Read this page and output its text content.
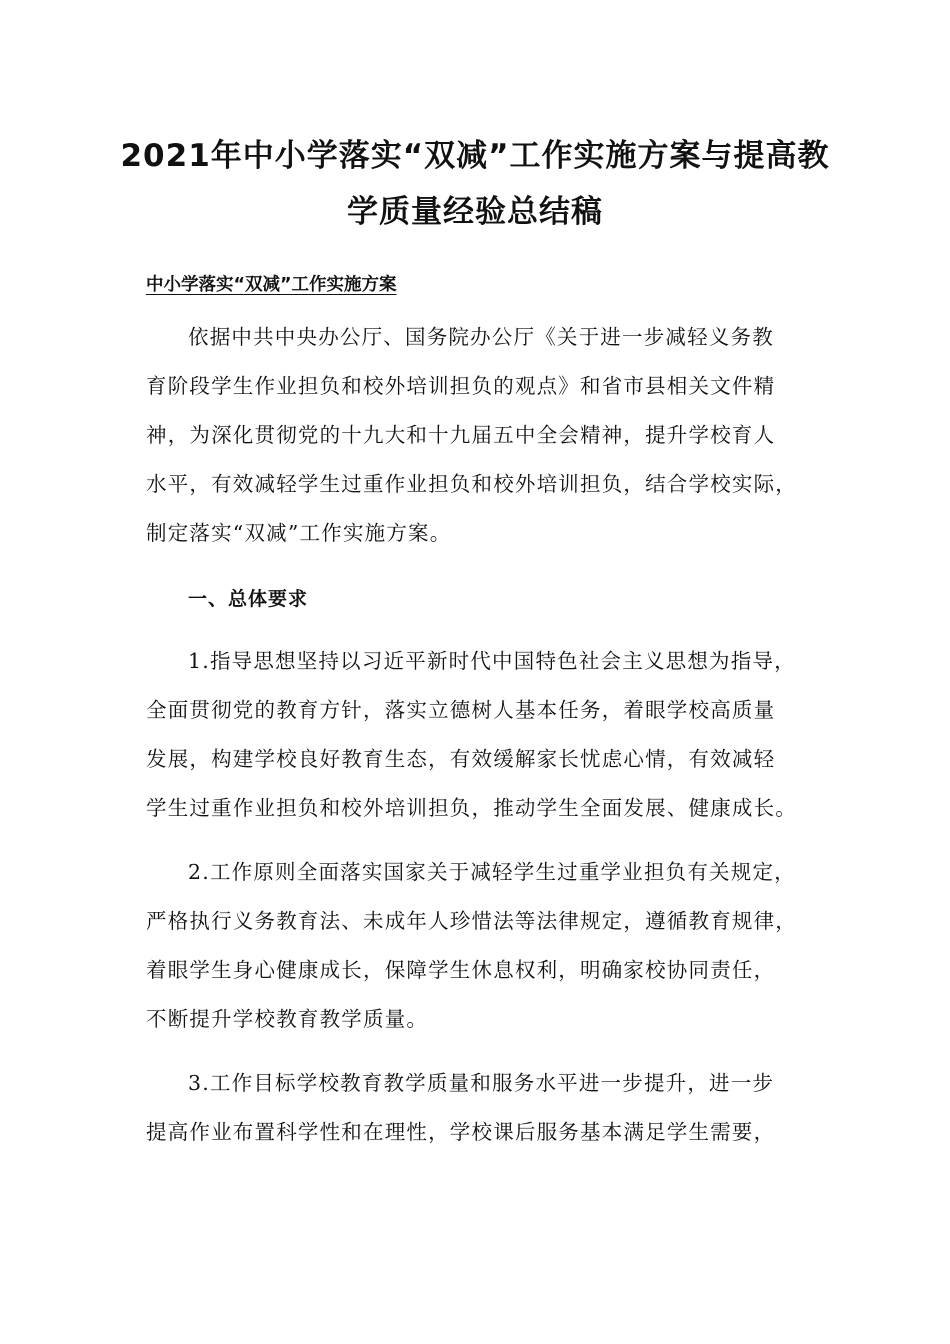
2021年中小学落实“双减”工作实施方案与提高教
学质量经验总结稿
中小学落实“双减”工作实施方案
依据中共中央办公厅、国务院办公厅《关于进一步减轻义务教
育阶段学生作业担负和校外培训担负的观点》和省市县相关文件精
神，为深化贯彻党的十九大和十九届五中全会精神，提升学校育人
水平，有效减轻学生过重作业担负和校外培训担负，结合学校实际，
制定落实“双减”工作实施方案。
一、总体要求
1.指导思想坚持以习近平新时代中国特色社会主义思想为指导，
全面贯彻党的教育方针，落实立德树人基本任务，着眼学校高质量
发展，构建学校良好教育生态，有效缓解家长忧虑心情，有效减轻
学生过重作业担负和校外培训担负，推动学生全面发展、健康成长。
2.工作原则全面落实国家关于减轻学生过重学业担负有关规定，
严格执行义务教育法、未成年人珍惜法等法律规定，遵循教育规律，
着眼学生身心健康成长，保障学生休息权利，明确家校协同责任，
不断提升学校教育教学质量。
3.工作目标学校教育教学质量和服务水平进一步提升，进一步
提高作业布置科学性和在理性，学校课后服务基本满足学生需要，
